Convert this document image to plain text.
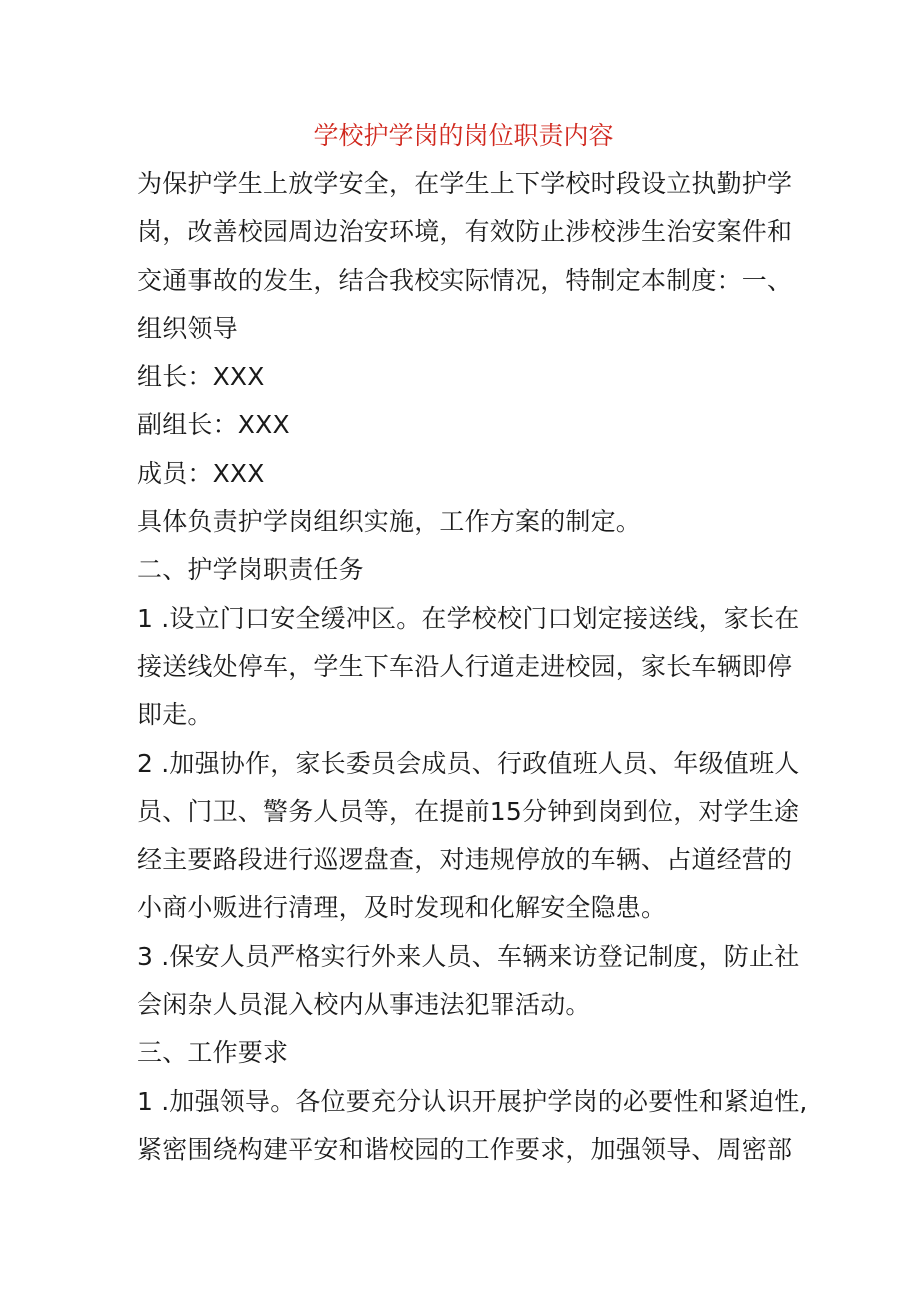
学校护学岗的岗位职责内容
为保护学生上放学安全，在学生上下学校时段设立执勤护学
岗，改善校园周边治安环境，有效防止涉校涉生治安案件和
交通事故的发生，结合我校实际情况，特制定本制度：一、
组织领导
组长：XXX
副组长：XXX
成员：XXX
具体负责护学岗组织实施，工作方案的制定。
二、护学岗职责任务
1 .设立门口安全缓冲区。在学校校门口划定接送线，家长在
接送线处停车，学生下车沿人行道走进校园，家长车辆即停
即走。
2 .加强协作，家长委员会成员、行政值班人员、年级值班人
员、门卫、警务人员等，在提前15分钟到岗到位，对学生途
经主要路段进行巡逻盘查，对违规停放的车辆、占道经营的
小商小贩进行清理，及时发现和化解安全隐患。
3 .保安人员严格实行外来人员、车辆来访登记制度，防止社
会闲杂人员混入校内从事违法犯罪活动。
三、工作要求
1 .加强领导。各位要充分认识开展护学岗的必要性和紧迫性,
紧密围绕构建平安和谐校园的工作要求，加强领导、周密部
